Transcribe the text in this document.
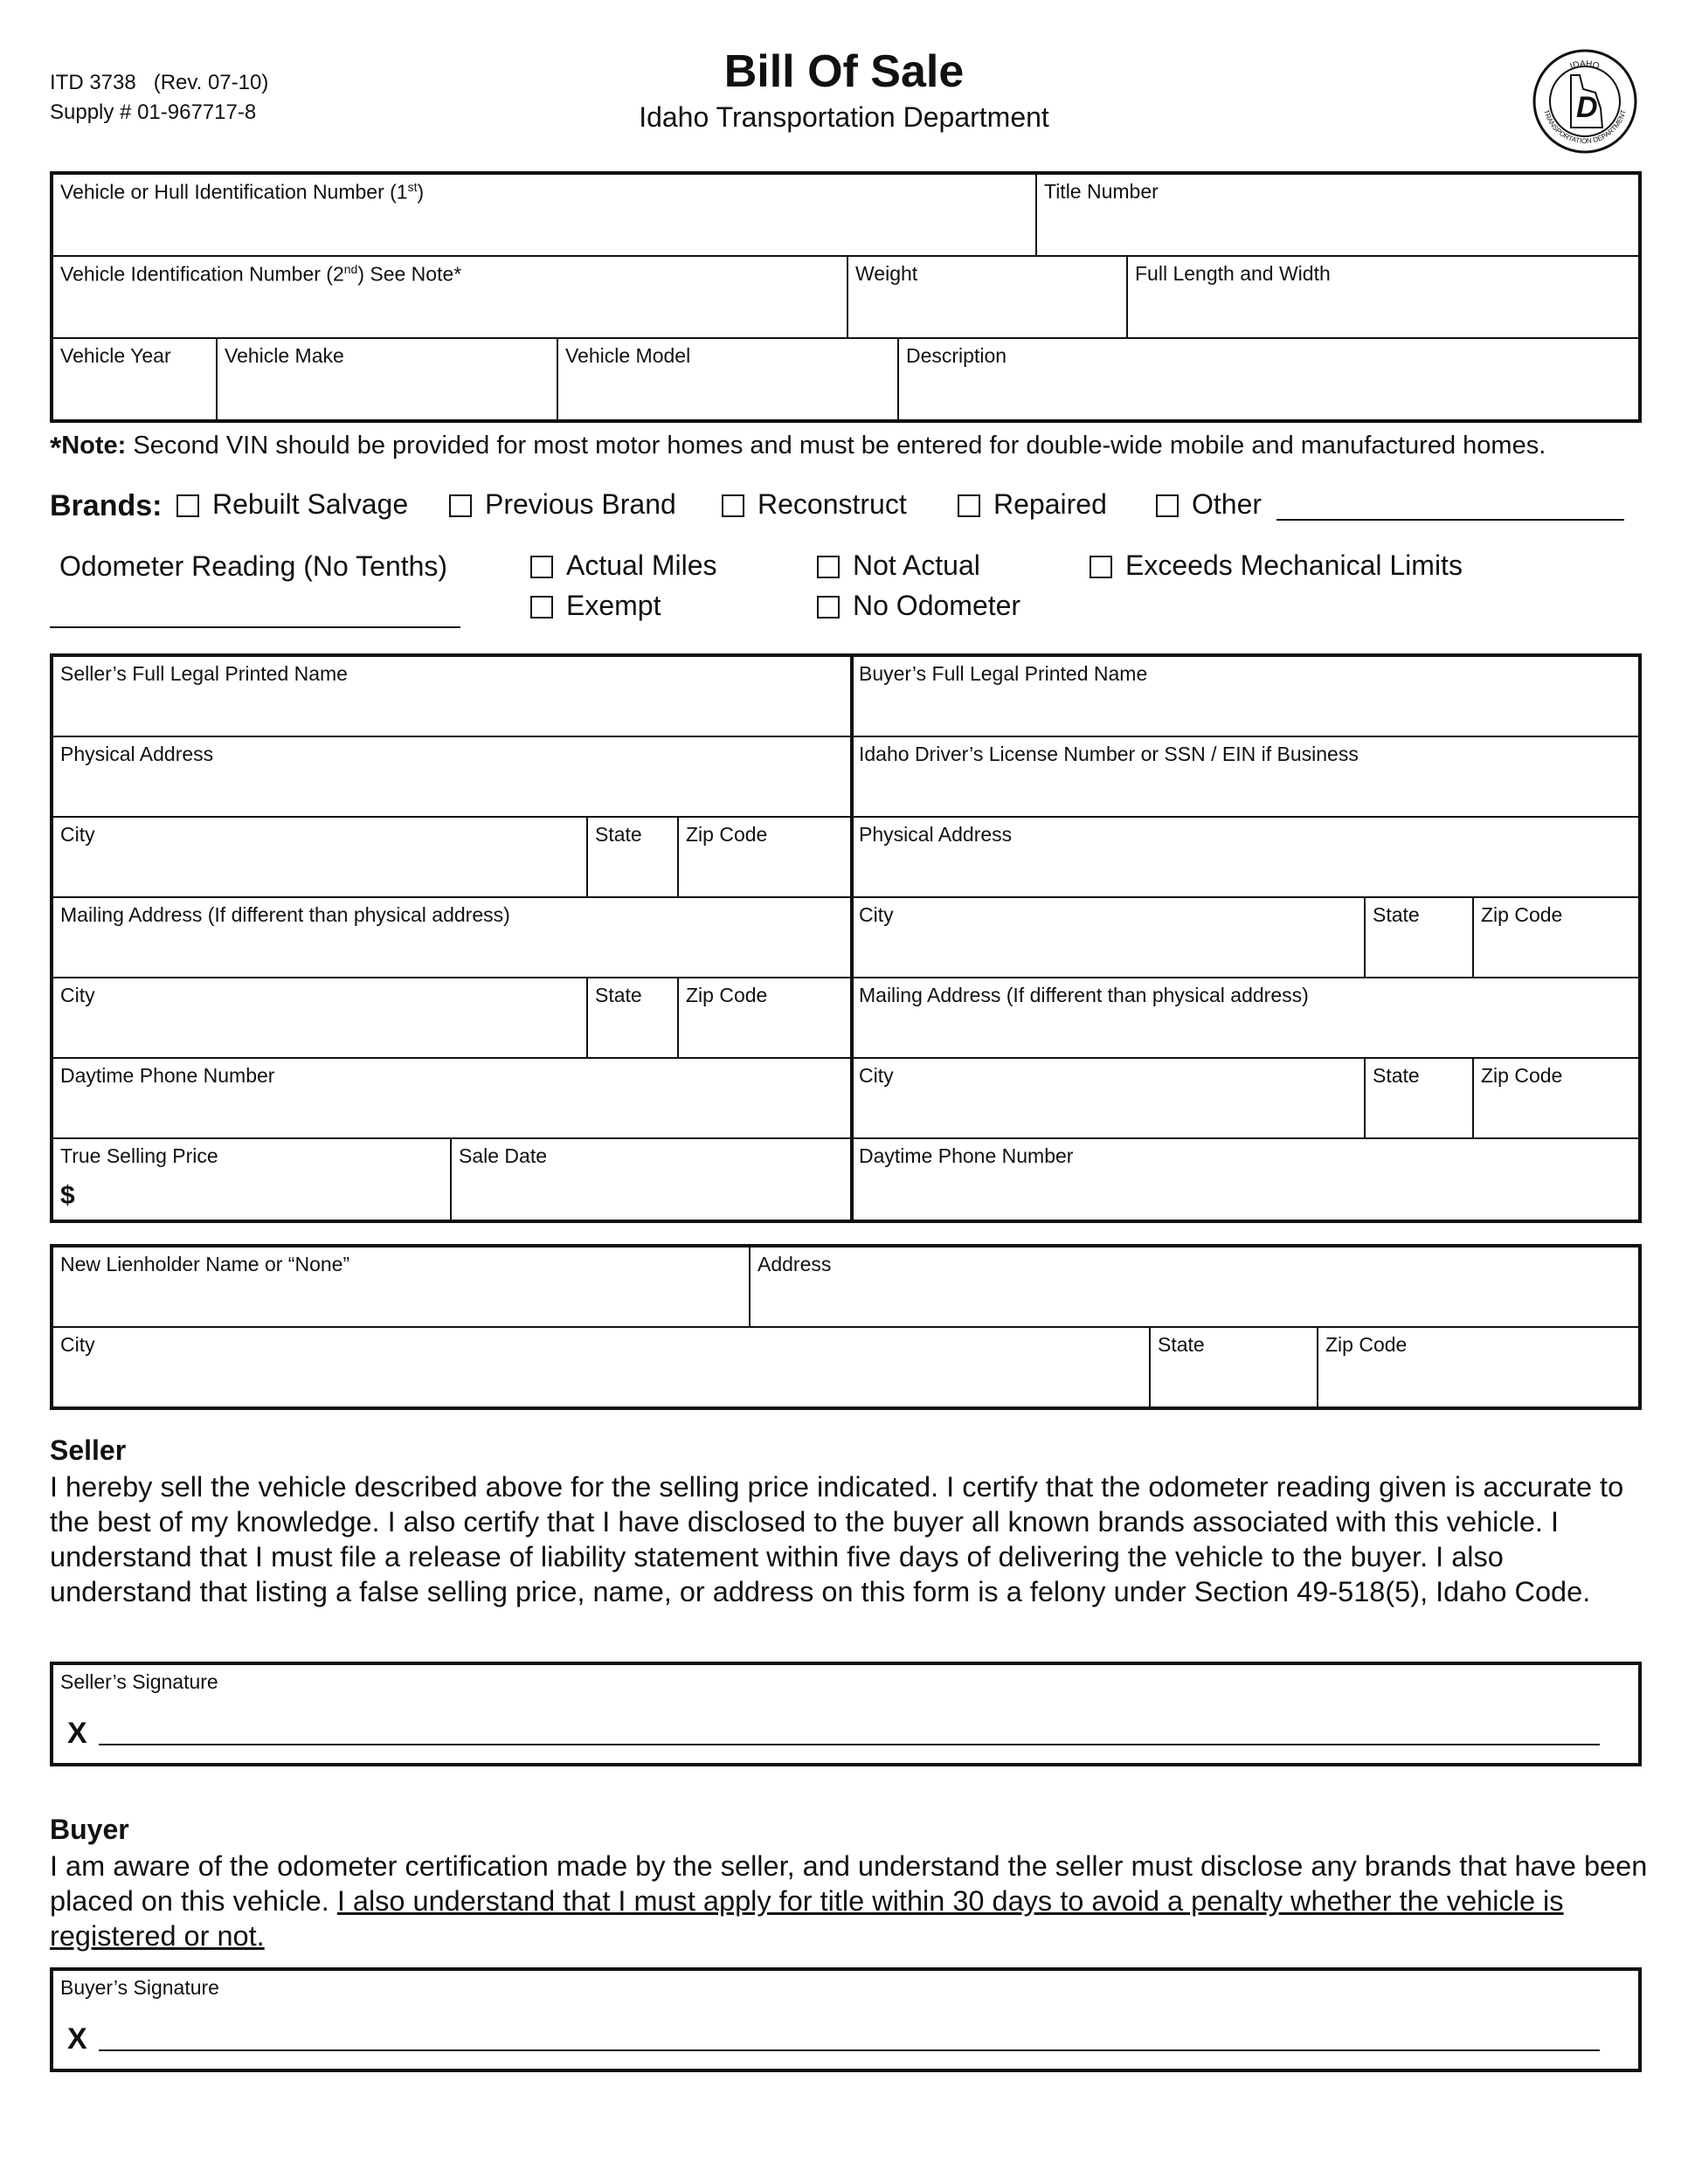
ITD 3738 (Rev. 07-10)
Supply # 01-967717-8
Bill Of Sale
Idaho Transportation Department	D
IDAHO
TRANSPORTATION DEPARTMENT
Vehicle or Hull Identification Number (1st)	Title Number
Vehicle Identification Number (2nd) See Note*	Weight	Full Length and Width
Vehicle Year	Vehicle Make	Vehicle Model	Description
*Note: Second VIN should be provided for most motor homes and must be entered for double-wide mobile and manufactured homes.
Brands: Rebuilt Salvage	Previous Brand	Reconstruct	Repaired	Other
Odometer Reading (No Tenths)	Actual Miles	Not Actual	Exceeds Mechanical Limits
Exempt	No Odometer
Seller’s Full Legal Printed Name
Physical Address
City	State Zip Code
Mailing Address (If different than physical address)
City	State Zip Code
Daytime Phone Number
True Selling Price
$
Sale Date
Buyer’s Full Legal Printed Name
Idaho Driver’s License Number or SSN / EIN if Business
Physical Address
City	State	Zip Code
Mailing Address (If different than physical address)
City	State	Zip Code
Daytime Phone Number
New Lienholder Name or “None”	Address
City	State	Zip Code
Seller
I hereby sell the vehicle described above for the selling price indicated. I certify that the odometer reading given is accurate to the best of my knowledge. I also certify that I have disclosed to the buyer all known brands associated with this vehicle. I understand that I must file a release of liability statement within five days of delivering the vehicle to the buyer. I also understand that listing a false selling price, name, or address on this form is a felony under Section 49-518(5), Idaho Code.
Seller’s Signature
X
Buyer
I am aware of the odometer certification made by the seller, and understand the seller must disclose any brands that have been placed on this vehicle. I also understand that I must apply for title within 30 days to avoid a penalty whether the vehicle is registered or not.
Buyer’s Signature
X
